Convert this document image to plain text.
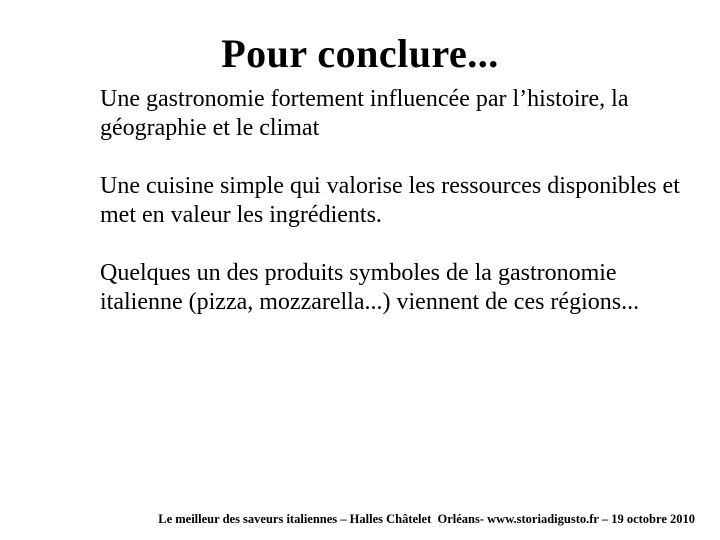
Pour conclure...

Une gastronomie fortement influencée par l’histoire, la
géographie et le climat

Une cuisine simple qui valorise les ressources disponibles et
met en valeur les ingrédients.

Quelques un des produits symboles de la gastronomie
italienne (pizza, mozzarella...) viennent de ces régions...

Le meilleur des saveurs italiennes – Halles Châtelet  Orléans- www.storiadigusto.fr – 19 octobre 2010
